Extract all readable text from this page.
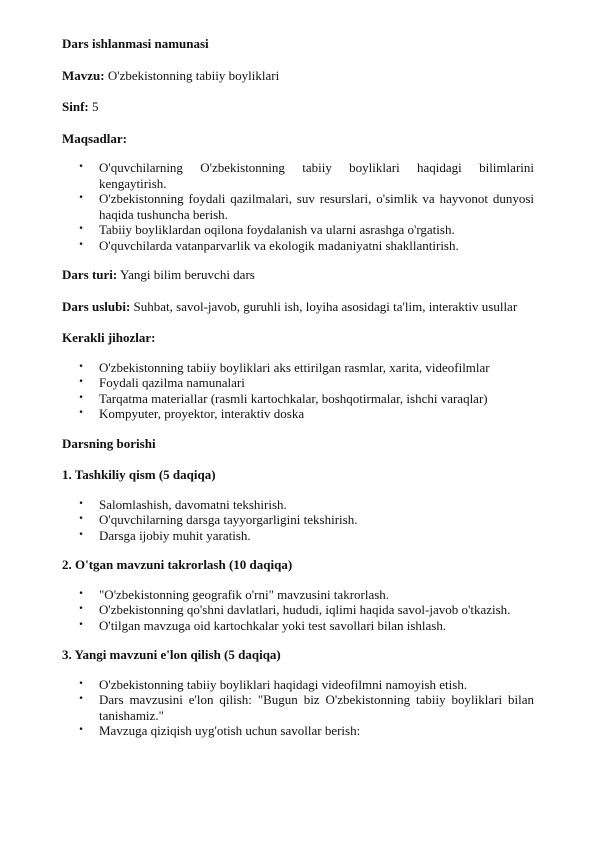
Dars ishlanmasi namunasi

Mavzu: O'zbekistonning tabiiy boyliklari

Sinf: 5

Maqsadlar:

• O'quvchilarning O'zbekistonning tabiiy boyliklari haqidagi bilimlarini kengaytirish.
• O'zbekistonning foydali qazilmalari, suv resurslari, o'simlik va hayvonot dunyosi haqida tushuncha berish.
• Tabiiy boyliklardan oqilona foydalanish va ularni asrashga o'rgatish.
• O'quvchilarda vatanparvarlik va ekologik madaniyatni shakllantirish.

Dars turi: Yangi bilim beruvchi dars

Dars uslubi: Suhbat, savol-javob, guruhli ish, loyiha asosidagi ta'lim, interaktiv usullar

Kerakli jihozlar:

• O'zbekistonning tabiiy boyliklari aks ettirilgan rasmlar, xarita, videofilmlar
• Foydali qazilma namunalari
• Tarqatma materiallar (rasmli kartochkalar, boshqotirmalar, ishchi varaqlar)
• Kompyuter, proyektor, interaktiv doska

Darsning borishi

1. Tashkiliy qism (5 daqiqa)

• Salomlashish, davomatni tekshirish.
• O'quvchilarning darsga tayyorgarligini tekshirish.
• Darsga ijobiy muhit yaratish.

2. O'tgan mavzuni takrorlash (10 daqiqa)

• "O'zbekistonning geografik o'rni" mavzusini takrorlash.
• O'zbekistonning qo'shni davlatlari, hududi, iqlimi haqida savol-javob o'tkazish.
• O'tilgan mavzuga oid kartochkalar yoki test savollari bilan ishlash.

3. Yangi mavzuni e'lon qilish (5 daqiqa)

• O'zbekistonning tabiiy boyliklari haqidagi videofilmni namoyish etish.
• Dars mavzusini e'lon qilish: "Bugun biz O'zbekistonning tabiiy boyliklari bilan tanishamiz."
• Mavzuga qiziqish uyg'otish uchun savollar berish:
